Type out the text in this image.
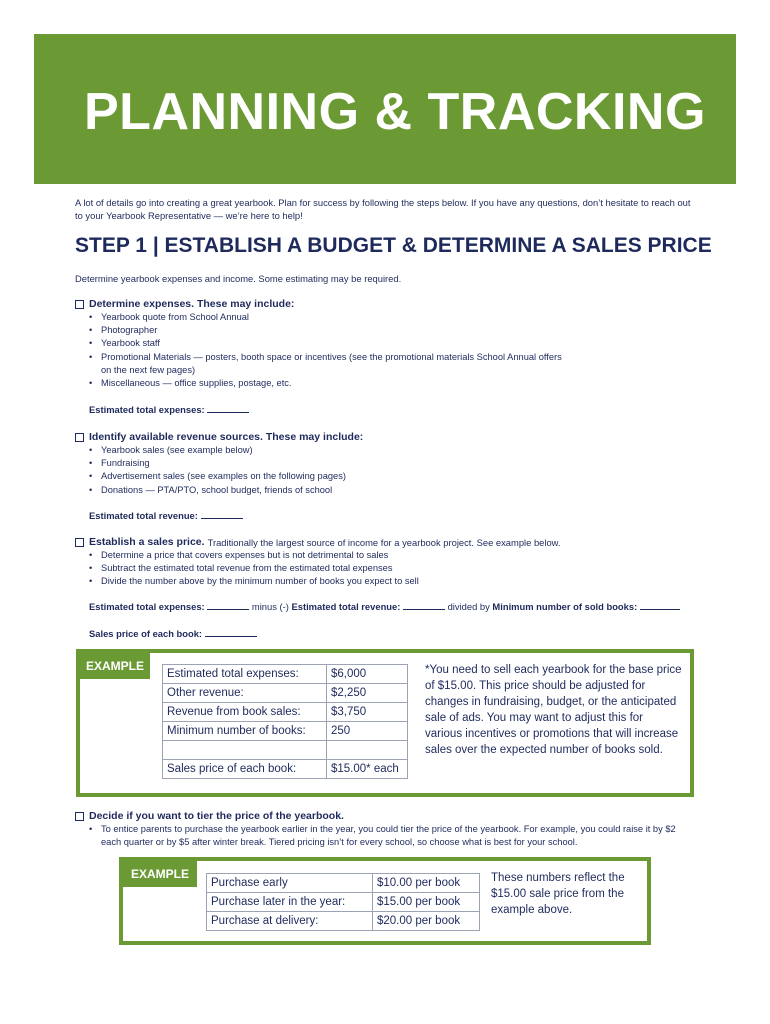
PLANNING & TRACKING
A lot of details go into creating a great yearbook. Plan for success by following the steps below. If you have any questions, don’t hesitate to reach out to your Yearbook Representative — we’re here to help!
STEP 1 | ESTABLISH A BUDGET & DETERMINE A SALES PRICE
Determine yearbook expenses and income. Some estimating may be required.
Determine expenses. These may include:
• Yearbook quote from School Annual
• Photographer
• Yearbook staff
• Promotional Materials — posters, booth space or incentives (see the promotional materials School Annual offers
on the next few pages)
• Miscellaneous — office supplies, postage, etc.
Estimated total expenses:
Identify available revenue sources. These may include:
• Yearbook sales (see example below)
• Fundraising
• Advertisement sales (see examples on the following pages)
• Donations — PTA/PTO, school budget, friends of school
Estimated total revenue:
Establish a sales price. Traditionally the largest source of income for a yearbook project. See example below.
• Determine a price that covers expenses but is not detrimental to sales
• Subtract the estimated total revenue from the estimated total expenses
• Divide the number above by the minimum number of books you expect to sell
Estimated total expenses:	minus (-) Estimated total revenue:	divided by Minimum number of sold books:
Sales price of each book:
EXAMPLE
Estimated total expenses:	$6,000
Other revenue:	$2,250
Revenue from book sales:	$3,750
Minimum number of books:	250

Sales price of each book:	$15.00* each
*You need to sell each yearbook for the base price of $15.00. This price should be adjusted for changes in fundraising, budget, or the anticipated sale of ads. You may want to adjust this for various incentives or promotions that will increase sales over the expected number of books sold.
Decide if you want to tier the price of the yearbook.
• To entice parents to purchase the yearbook earlier in the year, you could tier the price of the yearbook. For example, you could raise it by $2 each quarter or by $5 after winter break. Tiered pricing isn’t for every school, so choose what is best for your school.
EXAMPLE
Purchase early	$10.00 per book
Purchase later in the year:	$15.00 per book
Purchase at delivery:	$20.00 per book
These numbers reflect the $15.00 sale price from the example above.
